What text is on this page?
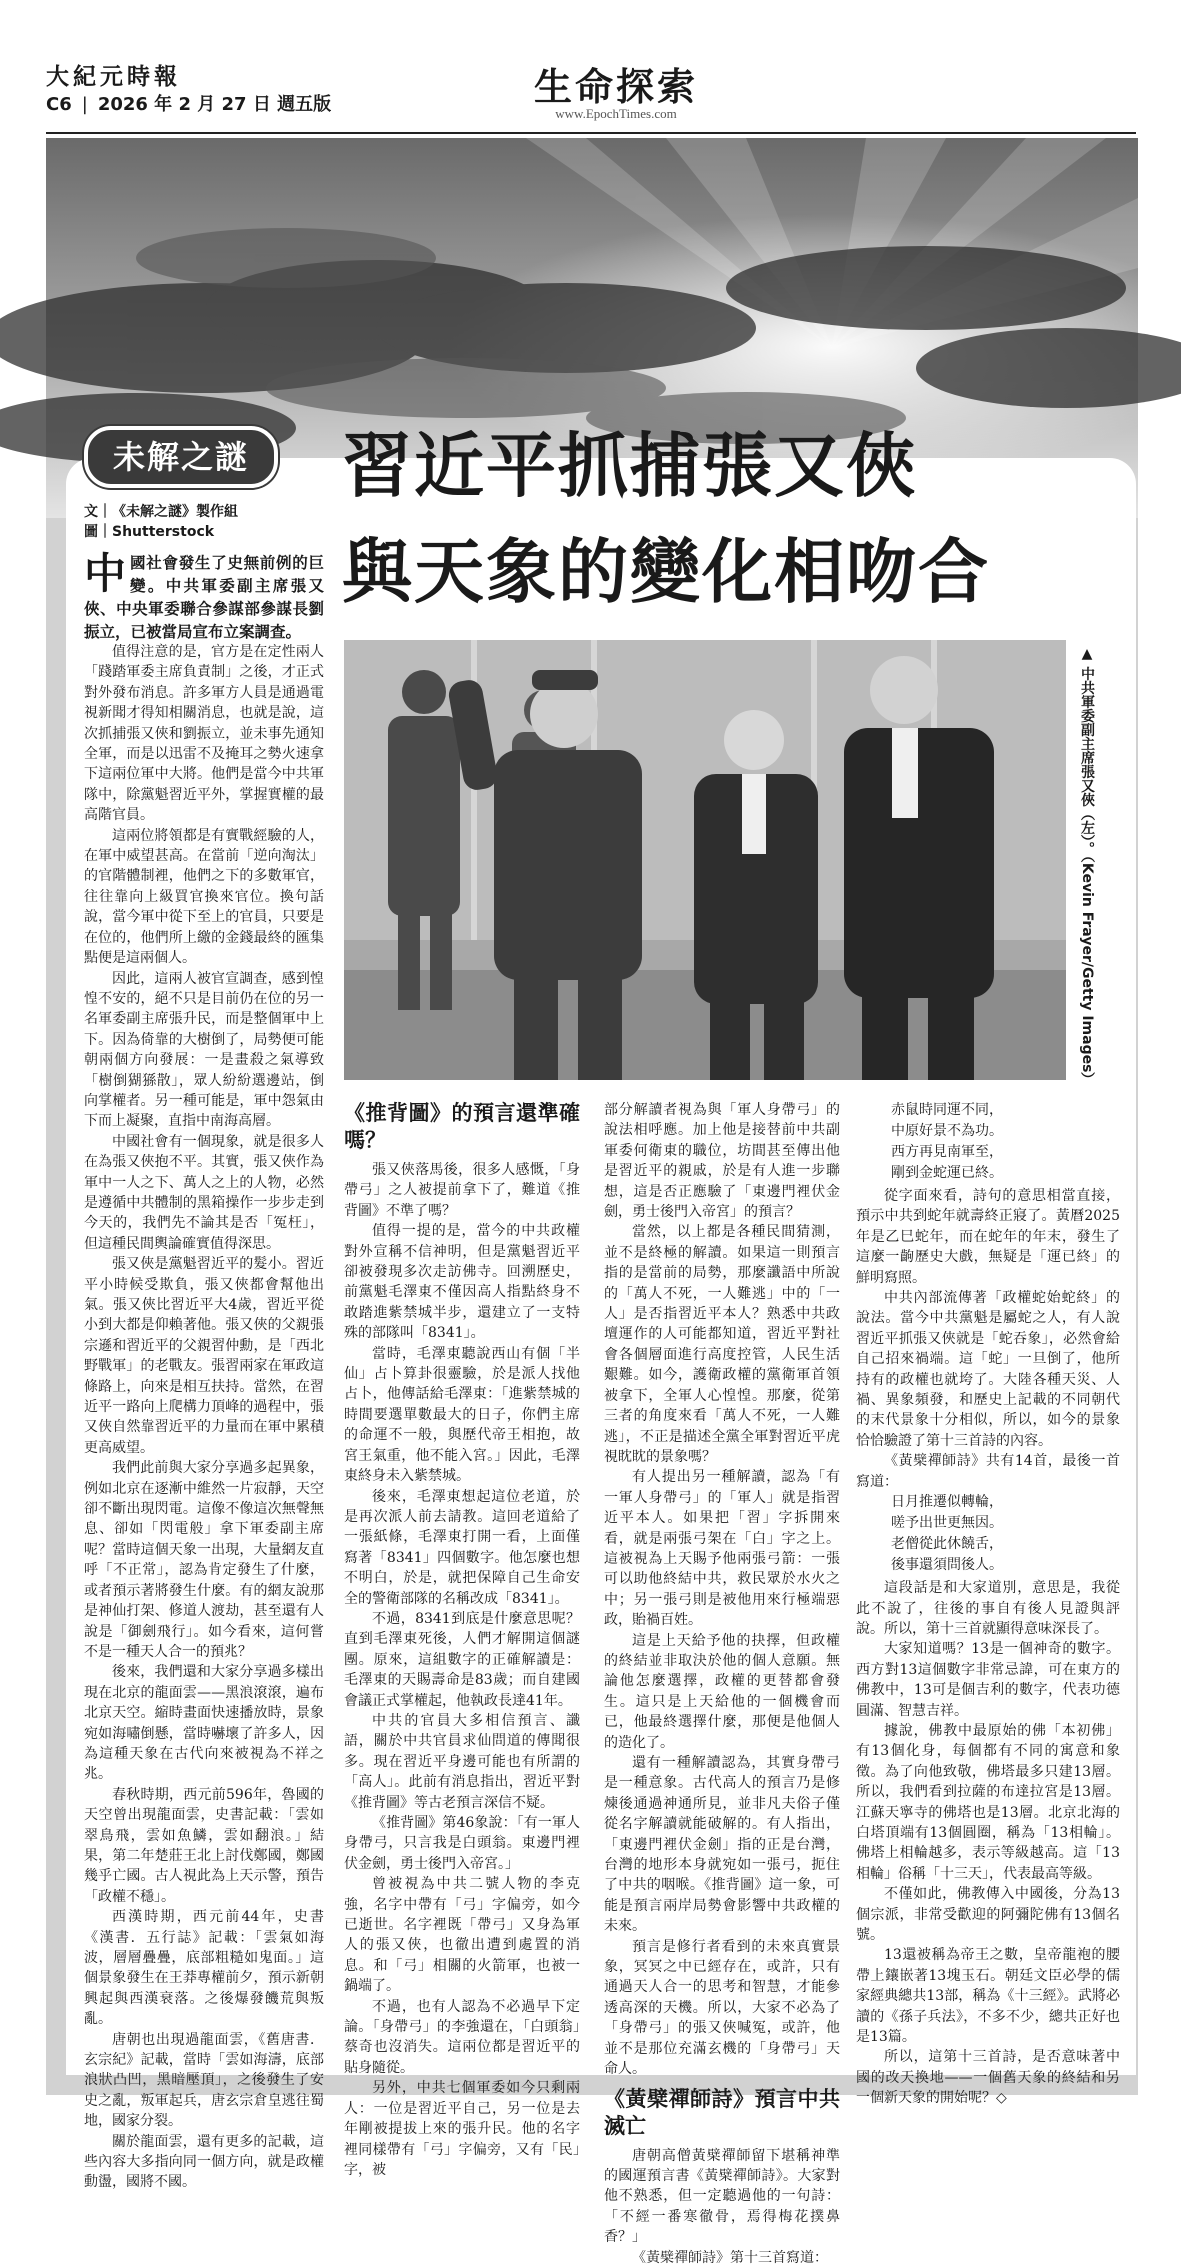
大紀元時報
C6 | 2026 年 2 月 27 日 週五版	生命探索
www.EpochTimes.com
未解之謎	習近平抓捕張又俠
與天象的變化相吻合
文｜《未解之謎》製作組
圖｜Shutterstock
中國社會發生了史無前例的巨變。中共軍委副主席張又俠、中央軍委聯合參謀部參謀長劉振立，已被當局宣布立案調查。
▲ 中共軍委副主席張又俠（左）。（Kevin Frayer/Getty Images）

值得注意的是，官方是在定性兩人「踐踏軍委主席負責制」之後，才正式對外發布消息。許多軍方人員是通過電視新聞才得知相關消息，也就是說，這次抓捕張又俠和劉振立，並未事先通知全軍，而是以迅雷不及掩耳之勢火速拿下這兩位軍中大將。他們是當今中共軍隊中，除黨魁習近平外，掌握實權的最高階官員。

這兩位將領都是有實戰經驗的人，在軍中威望甚高。在當前「逆向淘汰」的官階體制裡，他們之下的多數軍官，往往靠向上級買官換來官位。換句話說，當今軍中從下至上的官員，只要是在位的，他們所上繳的金錢最終的匯集點便是這兩個人。

因此，這兩人被官宣調查，感到惶惶不安的，絕不只是目前仍在位的另一名軍委副主席張升民，而是整個軍中上下。因為倚靠的大樹倒了，局勢便可能朝兩個方向發展：一是畫殺之氣導致「樹倒猢猻散」，眾人紛紛選邊站，倒向掌權者。另一種可能是，軍中怨氣由下而上凝聚，直指中南海高層。

中國社會有一個現象，就是很多人在為張又俠抱不平。其實，張又俠作為軍中一人之下、萬人之上的人物，必然是遵循中共體制的黑箱操作一步步走到今天的，我們先不論其是否「冤枉」，但這種民間輿論確實值得深思。

張又俠是黨魁習近平的髮小。習近平小時候受欺負，張又俠都會幫他出氣。張又俠比習近平大4歲，習近平從小到大都是仰賴著他。張又俠的父親張宗遜和習近平的父親習仲勳，是「西北野戰軍」的老戰友。張習兩家在軍政這條路上，向來是相互扶持。當然，在習近平一路向上爬構力頂峰的過程中，張又俠自然靠習近平的力量而在軍中累積更高威望。

我們此前與大家分享過多起異象，例如北京在逐漸中維然一片寂靜，天空卻不斷出現閃電。這像不像這次無聲無息、卻如「閃電般」拿下軍委副主席呢？當時這個天象一出現，大量網友直呼「不正常」，認為肯定發生了什麼，或者預示著將發生什麼。有的網友說那是神仙打架、修道人渡劫，甚至還有人說是「御劍飛行」。如今看來，這何嘗不是一種天人合一的預兆？

後來，我們還和大家分享過多樣出現在北京的龍面雲——黑浪滾滾，遍布北京天空。縮時畫面快速播放時，景象宛如海嘯倒懸，當時嚇壞了許多人，因為這種天象在古代向來被視為不祥之兆。

春秋時期，西元前596年，魯國的天空曾出現龍面雲，史書記載：「雲如翠鳥飛，雲如魚鱗，雲如翻浪。」結果，第二年楚莊王北上討伐鄭國，鄭國幾乎亡國。古人視此為上天示警，預告「政權不穩」。

西漢時期，西元前44年，史書《漢書．五行誌》記載：「雲氣如海波，層層疊疊，底部粗糙如鬼面。」這個景象發生在王莽專權前夕，預示新朝興起與西漢衰落。之後爆發饑荒與叛亂。

唐朝也出現過龍面雲，《舊唐書．玄宗紀》記載，當時「雲如海濤，底部浪狀凸凹，黑暗壓頂」，之後發生了安史之亂，叛軍起兵，唐玄宗倉皇逃往蜀地，國家分裂。

關於龍面雲，還有更多的記載，這些內容大多指向同一個方向，就是政權動盪，國將不國。

《推背圖》的預言還準確嗎？

張又俠落馬後，很多人感慨，「身帶弓」之人被提前拿下了，難道《推背圖》不準了嗎？

值得一提的是，當今的中共政權對外宣稱不信神明，但是黨魁習近平卻被發現多次走訪佛寺。回溯歷史，前黨魁毛澤東不僅因高人指點終身不敢踏進紫禁城半步，還建立了一支特殊的部隊叫「8341」。

當時，毛澤東聽說西山有個「半仙」占卜算卦很靈驗，於是派人找他占卜，他傳話給毛澤東：「進紫禁城的時間要選單數最大的日子，你們主席的命運不一般，與歷代帝王相抱，故宮王氣重，他不能入宮。」因此，毛澤東終身未入紫禁城。

後來，毛澤東想起這位老道，於是再次派人前去請教。這回老道給了一張紙條，毛澤東打開一看，上面僅寫著「8341」四個數字。他怎麼也想不明白，於是，就把保障自己生命安全的警衛部隊的名稱改成「8341」。

不過，8341到底是什麼意思呢？直到毛澤東死後，人們才解開這個謎團。原來，這組數字的正確解讀是：毛澤東的天賜壽命是83歲；而自建國會議正式掌權起，他執政長達41年。

中共的官員大多相信預言、讖語，關於中共官員求仙問道的傳聞很多。現在習近平身邊可能也有所謂的「高人」。此前有消息指出，習近平對《推背圖》等古老預言深信不疑。

《推背圖》第46象說：「有一軍人身帶弓，只言我是白頭翁。東邊門裡伏金劍，勇士後門入帝宮。」

曾被視為中共二號人物的李克強，名字中帶有「弓」字偏旁，如今已逝世。名字裡既「帶弓」又身為軍人的張又俠，也徹出遭到處置的消息。和「弓」相關的火箭軍，也被一鍋端了。

不過，也有人認為不必過早下定論。「身帶弓」的李強還在，「白頭翁」蔡奇也沒消失。這兩位都是習近平的貼身隨從。

另外，中共七個軍委如今只剩兩人：一位是習近平自己，另一位是去年剛被提拔上來的張升民。他的名字裡同樣帶有「弓」字偏旁，又有「民」字，被

部分解讀者視為與「軍人身帶弓」的說法相呼應。加上他是接替前中共副軍委何衛東的職位，坊間甚至傳出他是習近平的親戚，於是有人進一步聯想，這是否正應驗了「東邊門裡伏金劍，勇士後門入帝宮」的預言？

當然，以上都是各種民間猜測，並不是終極的解讀。如果這一則預言指的是當前的局勢，那麼讖語中所說的「萬人不死，一人難逃」中的「一人」是否指習近平本人？熟悉中共政壇運作的人可能都知道，習近平對社會各個層面進行高度控管，人民生活艱難。如今，護衛政權的黨衛軍首領被拿下，全軍人心惶惶。那麼，從第三者的角度來看「萬人不死，一人難逃」，不正是描述全黨全軍對習近平虎視眈眈的景象嗎？

有人提出另一種解讀，認為「有一軍人身帶弓」的「軍人」就是指習近平本人。如果把「習」字拆開來看，就是兩張弓架在「白」字之上。這被視為上天賜予他兩張弓箭：一張可以助他終結中共，救民眾於水火之中；另一張弓則是被他用來行極端惡政，貽禍百姓。

這是上天給予他的抉擇，但政權的終結並非取決於他的個人意願。無論他怎麼選擇，政權的更替都會發生。這只是上天給他的一個機會而已，他最終選擇什麼，那便是他個人的造化了。

還有一種解讀認為，其實身帶弓是一種意象。古代高人的預言乃是修煉後通過神通所見，並非凡夫俗子僅從名字解讀就能破解的。有人指出，「東邊門裡伏金劍」指的正是台灣，台灣的地形本身就宛如一張弓，扼住了中共的咽喉。《推背圖》這一象，可能是預言兩岸局勢會影響中共政權的未來。

預言是修行者看到的未來真實景象，冥冥之中已經存在，或許，只有通過天人合一的思考和智慧，才能參透高深的天機。所以，大家不必為了「身帶弓」的張又俠喊冤，或許，他並不是那位充滿玄機的「身帶弓」天命人。

《黃檗禪師詩》預言中共滅亡

唐朝高僧黃檗禪師留下堪稱神準的國運預言書《黃檗禪師詩》。大家對他不熟悉，但一定聽過他的一句詩：「不經一番寒徹骨，焉得梅花撲鼻香？」

《黃檗禪師詩》第十三首寫道：

赤鼠時同運不同，

中原好景不為功。

西方再見南軍至，

剛到金蛇運已終。

從字面來看，詩句的意思相當直接，預示中共到蛇年就壽終正寢了。黃曆2025年是乙巳蛇年，而在蛇年的年末，發生了這麼一齣歷史大戲，無疑是「運已終」的鮮明寫照。

中共內部流傳著「政權蛇始蛇終」的說法。當今中共黨魁是屬蛇之人，有人說習近平抓張又俠就是「蛇吞象」，必然會給自己招來禍端。這「蛇」一旦倒了，他所持有的政權也就垮了。大陸各種天災、人禍、異象頻發，和歷史上記載的不同朝代的末代景象十分相似，所以，如今的景象恰恰驗證了第十三首詩的內容。

《黃檗禪師詩》共有14首，最後一首寫道：

日月推遷似轉輪，

嗟予出世更無因。

老僧從此休饒舌，

後事還須問後人。

這段話是和大家道別，意思是，我從此不說了，往後的事自有後人見證與評說。所以，第十三首就顯得意味深長了。

大家知道嗎？13是一個神奇的數字。西方對13這個數字非常忌諱，可在東方的佛教中，13可是個吉利的數字，代表功德圓滿、智慧吉祥。

據說，佛教中最原始的佛「本初佛」有13個化身，每個都有不同的寓意和象徵。為了向他致敬，佛塔最多只建13層。所以，我們看到拉薩的布達拉宮是13層。江蘇天寧寺的佛塔也是13層。北京北海的白塔頂端有13個圓圈，稱為「13相輪」。佛塔上相輪越多，表示等級越高。這「13相輪」俗稱「十三天」，代表最高等級。

不僅如此，佛教傳入中國後，分為13個宗派，非常受歡迎的阿彌陀佛有13個名號。

13還被稱為帝王之數，皇帝龍袍的腰帶上鑲嵌著13塊玉石。朝廷文臣必學的儒家經典總共13部，稱為《十三經》。武將必讀的《孫子兵法》，不多不少，總共正好也是13篇。

所以，這第十三首詩，是否意味著中國的改天換地——一個舊天象的終結和另一個新天象的開始呢？◇
